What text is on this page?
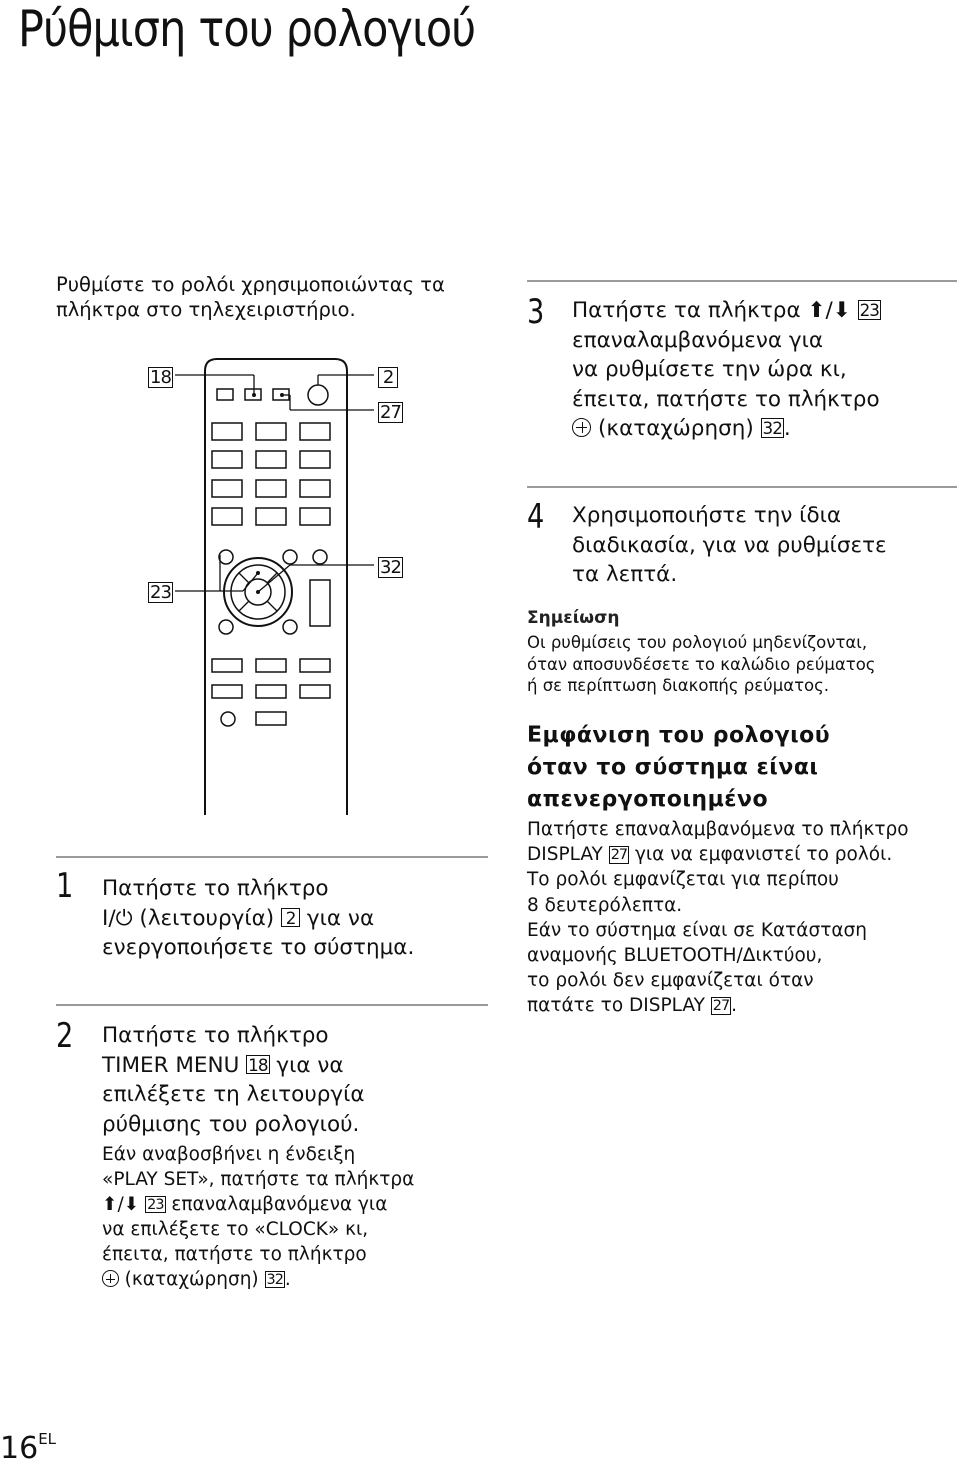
Ρύθμιση του ρολογιού
Ρυθμίστε το ρολόι χρησιμοποιώντας τα πλήκτρα στο τηλεχειριστήριο.
18	2
27
23
32
1 Πατήστε το πλήκτρο
I/⏻ (λειτουργία) 2 για να
ενεργοποιήσετε το σύστημα.
2 Πατήστε το πλήκτρο
TIMER MENU 18 για να
επιλέξετε τη λειτουργία
ρύθμισης του ρολογιού.
Εάν αναβοσβήνει η ένδειξη
«PLAY SET», πατήστε τα πλήκτρα
⬆/⬇ 23 επαναλαμβανόμενα για
να επιλέξετε το «CLOCK» κι,
έπειτα, πατήστε το πλήκτρο
(καταχώρηση) 32 .
3 Πατήστε τα πλήκτρα ⬆/⬇ 23
επαναλαμβανόμενα για
να ρυθμίσετε την ώρα κι,
έπειτα, πατήστε το πλήκτρο
(καταχώρηση) 32.
4 Χρησιμοποιήστε την ίδια
διαδικασία, για να ρυθμίσετε
τα λεπτά.
Σημείωση
Οι ρυθμίσεις του ρολογιού μηδενίζονται,
όταν αποσυνδέσετε το καλώδιο ρεύματος
ή σε περίπτωση διακοπής ρεύματος.
Εμφάνιση του ρολογιού
όταν το σύστημα είναι
απενεργοποιημένο
Πατήστε επαναλαμβανόμενα το πλήκτρο
DISPLAY 27 για να εμφανιστεί το ρολόι.
Το ρολόι εμφανίζεται για περίπου
8 δευτερόλεπτα.
Εάν το σύστημα είναι σε Κατάσταση
αναμονής BLUETOOTH/Δικτύου,
το ρολόι δεν εμφανίζεται όταν
πατάτε το DISPLAY 27 .
$16^{EL}$
